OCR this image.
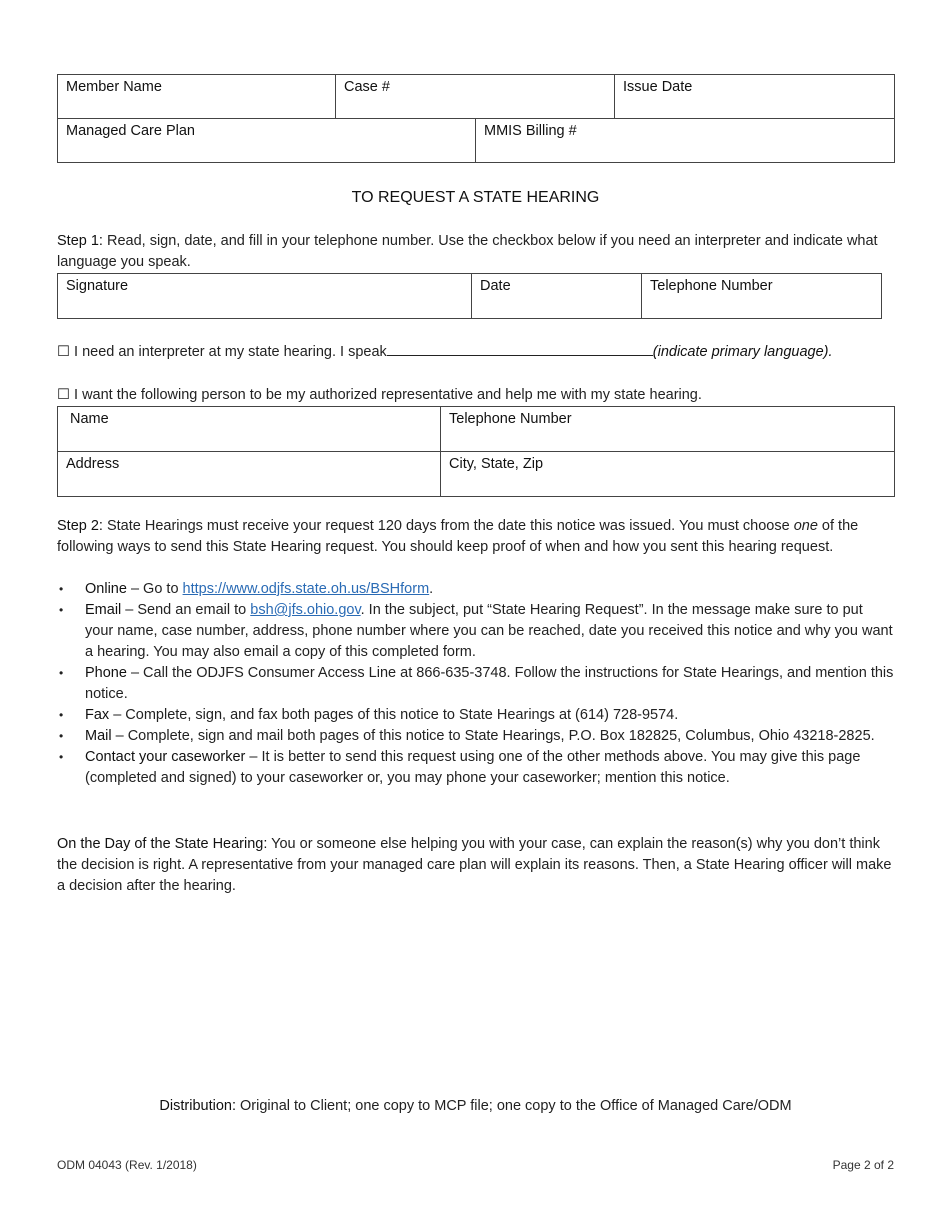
Member Name	Case #		Issue Date
Managed Care Plan		MMIS Billing #	
TO REQUEST A STATE HEARING
Step 1: Read, sign, date, and fill in your telephone number. Use the checkbox below if you need an interpreter and indicate what language you speak.
Signature	Date	Telephone Number
☐ I need an interpreter at my state hearing. I speak	(indicate primary language).
☐ I want the following person to be my authorized representative and help me with my state hearing.
Name	Telephone Number
Address	City, State, Zip
Step 2: State Hearings must receive your request 120 days from the date this notice was issued. You must choose one of the following ways to send this State Hearing request. You should keep proof of when and how you sent this hearing request.
• Online – Go to https://www.odjfs.state.oh.us/BSHform.
• Email – Send an email to bsh@jfs.ohio.gov. In the subject, put “State Hearing Request”. In the message make sure to put your name, case number, address, phone number where you can be reached, date you received this notice and why you want a hearing. You may also email a copy of this completed form.
• Phone – Call the ODJFS Consumer Access Line at 866-635-3748. Follow the instructions for State Hearings, and mention this notice.
• Fax – Complete, sign, and fax both pages of this notice to State Hearings at (614) 728-9574.
• Mail – Complete, sign and mail both pages of this notice to State Hearings, P.O. Box 182825, Columbus, Ohio 43218-2825.
• Contact your caseworker – It is better to send this request using one of the other methods above. You may give this page (completed and signed) to your caseworker or, you may phone your caseworker; mention this notice.
On the Day of the State Hearing: You or someone else helping you with your case, can explain the reason(s) why you don’t think the decision is right. A representative from your managed care plan will explain its reasons. Then, a State Hearing officer will make a decision after the hearing.
Distribution: Original to Client; one copy to MCP file; one copy to the Office of Managed Care/ODM
ODM 04043 (Rev. 1/2018)	Page 2 of 2
